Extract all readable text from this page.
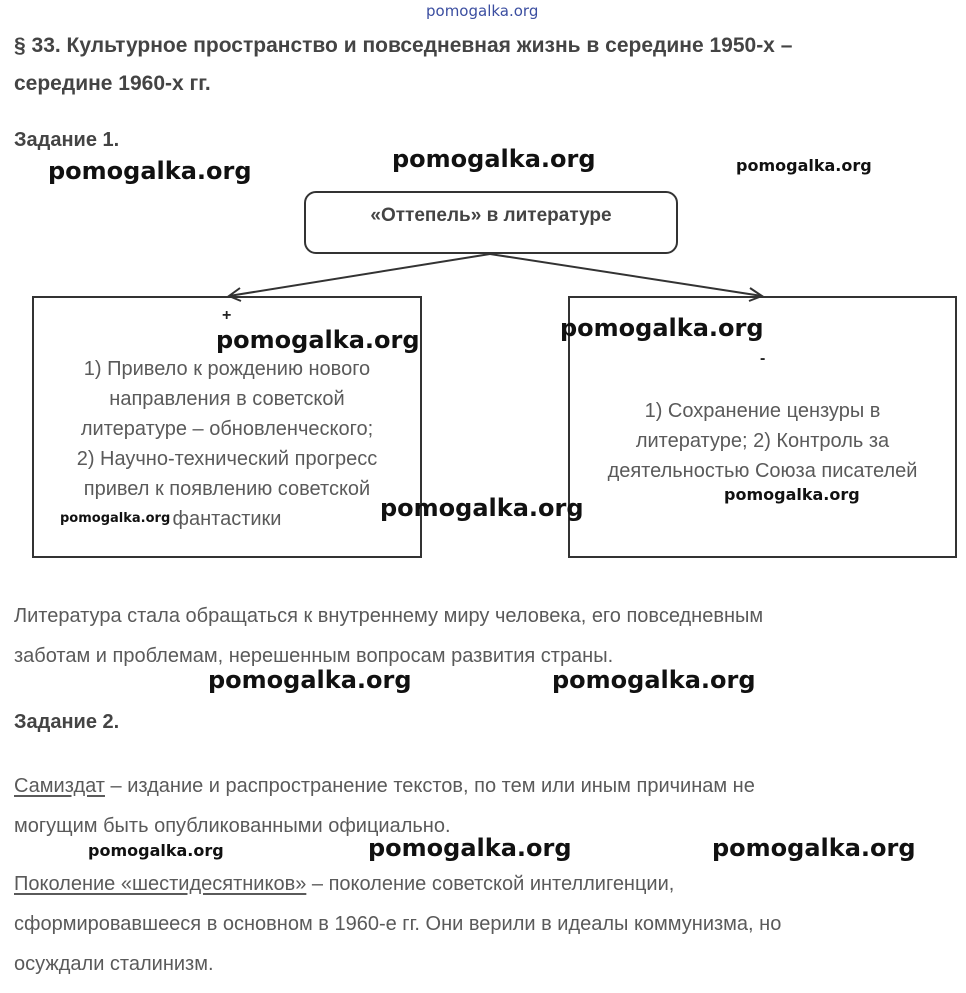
pomogalka.org
§ 33. Культурное пространство и повседневная жизнь в середине 1950-х –
середине 1960-х гг.
Задание 1.
«Оттепель» в литературе
+
1) Привело к рождению нового
направления в советской
литературе – обновленческого;
2) Научно-технический прогресс
привел к появлению советской
фантастики
-
1) Сохранение цензуры в
литературе; 2) Контроль за
деятельностью Союза писателей
Литература стала обращаться к внутреннему миру человека, его повседневным
заботам и проблемам, нерешенным вопросам развития страны.
Задание 2.
Самиздат – издание и распространение текстов, по тем или иным причинам не
могущим быть опубликованными официально.
Поколение «шестидесятников» – поколение советской интеллигенции,
сформировавшееся в основном в 1960-е гг. Они верили в идеалы коммунизма, но
осуждали сталинизм.
pomogalka.org	pomogalka.org	pomogalka.org
pomogalka.org	pomogalka.org
pomogalka.org
pomogalka.org
pomogalka.org
pomogalka.org	pomogalka.org
pomogalka.org	pomogalka.org	pomogalka.org
